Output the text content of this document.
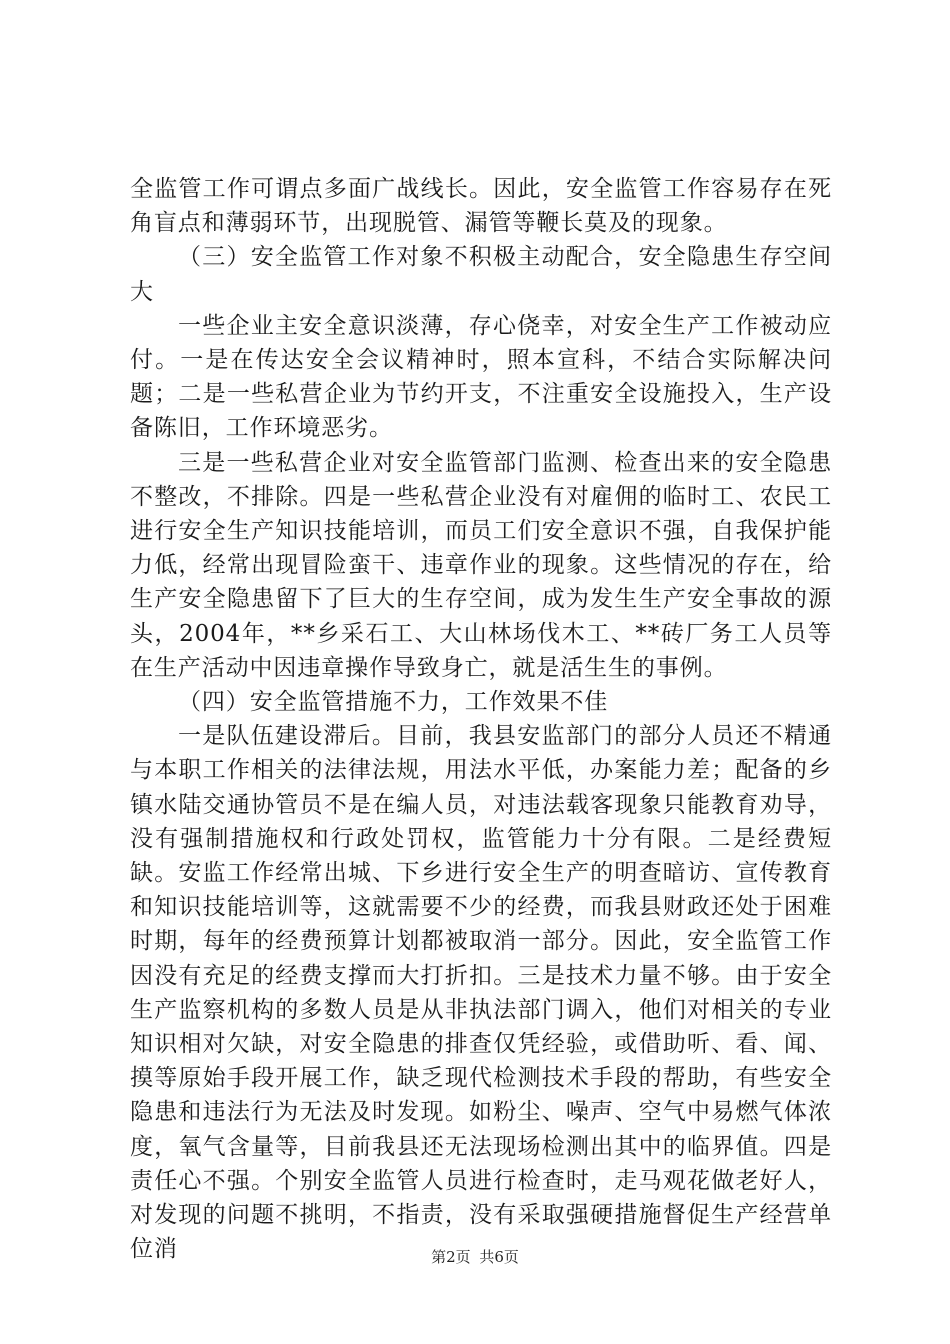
全监管工作可谓点多面广战线长。因此，安全监管工作容易存在死角盲点和薄弱环节，出现脱管、漏管等鞭长莫及的现象。

（三）安全监管工作对象不积极主动配合，安全隐患生存空间大

一些企业主安全意识淡薄，存心侥幸，对安全生产工作被动应付。一是在传达安全会议精神时，照本宣科，不结合实际解决问题；二是一些私营企业为节约开支，不注重安全设施投入，生产设备陈旧，工作环境恶劣。

三是一些私营企业对安全监管部门监测、检查出来的安全隐患不整改，不排除。四是一些私营企业没有对雇佣的临时工、农民工进行安全生产知识技能培训，而员工们安全意识不强，自我保护能力低，经常出现冒险蛮干、违章作业的现象。这些情况的存在，给生产安全隐患留下了巨大的生存空间，成为发生生产安全事故的源头，2004年，**乡采石工、大山林场伐木工、**砖厂务工人员等在生产活动中因违章操作导致身亡，就是活生生的事例。

（四）安全监管措施不力，工作效果不佳

一是队伍建设滞后。目前，我县安监部门的部分人员还不精通与本职工作相关的法律法规，用法水平低，办案能力差；配备的乡镇水陆交通协管员不是在编人员，对违法载客现象只能教育劝导，没有强制措施权和行政处罚权，监管能力十分有限。二是经费短缺。安监工作经常出城、下乡进行安全生产的明查暗访、宣传教育和知识技能培训等，这就需要不少的经费，而我县财政还处于困难时期，每年的经费预算计划都被取消一部分。因此，安全监管工作因没有充足的经费支撑而大打折扣。三是技术力量不够。由于安全生产监察机构的多数人员是从非执法部门调入，他们对相关的专业知识相对欠缺，对安全隐患的排查仅凭经验，或借助听、看、闻、摸等原始手段开展工作，缺乏现代检测技术手段的帮助，有些安全隐患和违法行为无法及时发现。如粉尘、噪声、空气中易燃气体浓度，氧气含量等，目前我县还无法现场检测出其中的临界值。四是责任心不强。个别安全监管人员进行检查时，走马观花做老好人，对发现的问题不挑明，不指责，没有采取强硬措施督促生产经营单位消	第2页 共6页
